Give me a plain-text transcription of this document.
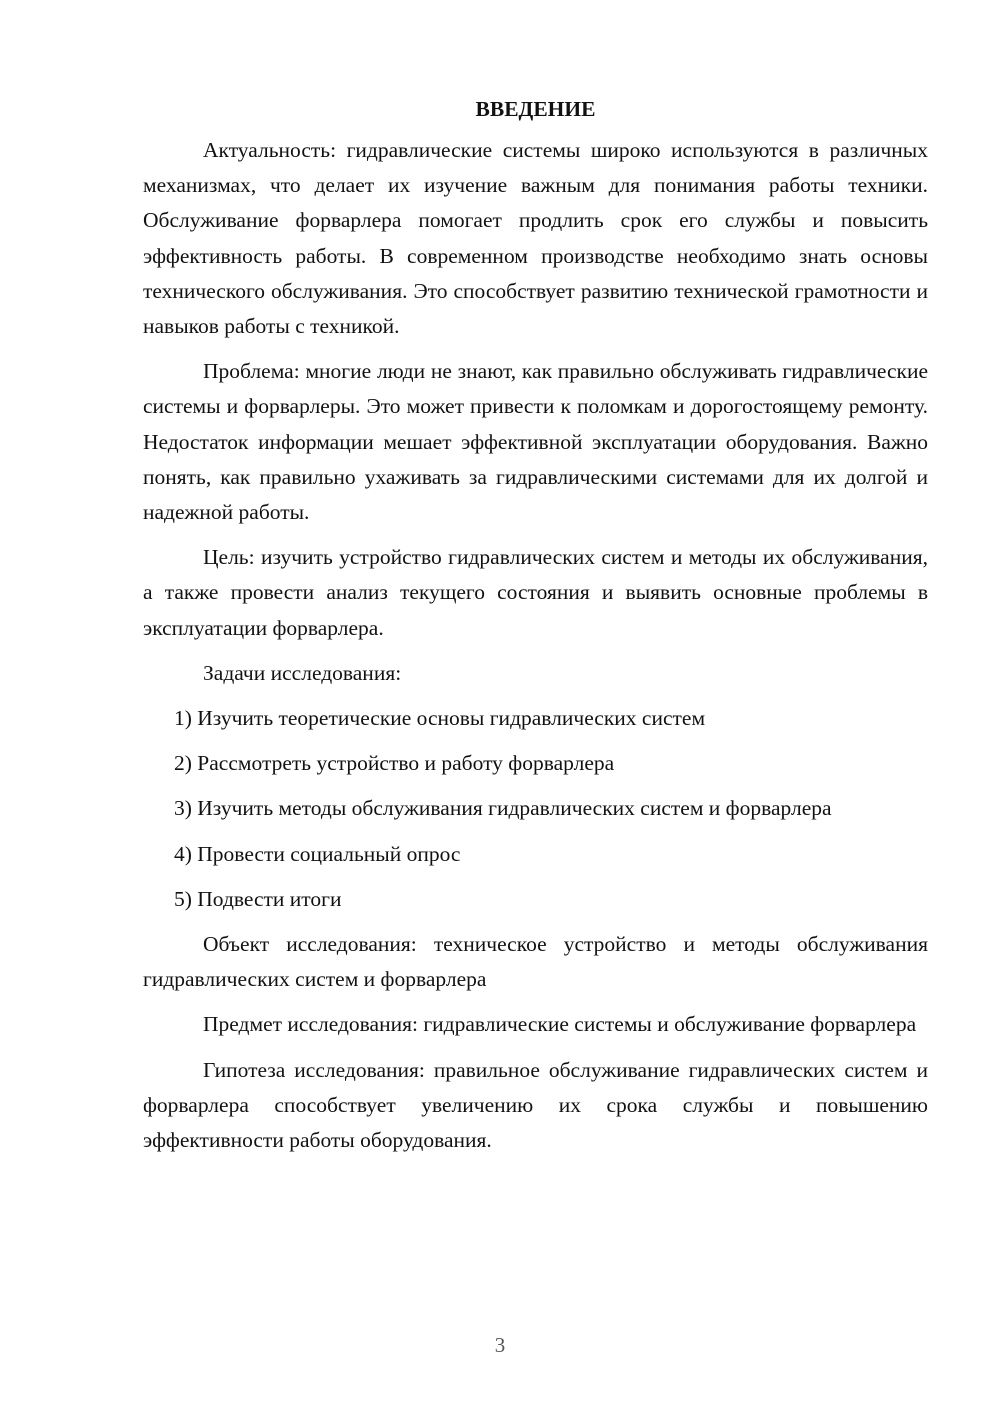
ВВЕДЕНИЕ

Актуальность: гидравлические системы широко используются в различных механизмах, что делает их изучение важным для понимания работы техники. Обслуживание форварлера помогает продлить срок его службы и повысить эффективность работы. В современном производстве необходимо знать основы технического обслуживания. Это способствует развитию технической грамотности и навыков работы с техникой.

Проблема: многие люди не знают, как правильно обслуживать гидравлические системы и форварлеры. Это может привести к поломкам и дорогостоящему ремонту. Недостаток информации мешает эффективной эксплуатации оборудования. Важно понять, как правильно ухаживать за гидравлическими системами для их долгой и надежной работы.

Цель: изучить устройство гидравлических систем и методы их обслуживания, а также провести анализ текущего состояния и выявить основные проблемы в эксплуатации форварлера.

Задачи исследования:

1) Изучить теоретические основы гидравлических систем

2) Рассмотреть устройство и работу форварлера

3) Изучить методы обслуживания гидравлических систем и форварлера

4) Провести социальный опрос

5) Подвести итоги

Объект исследования: техническое устройство и методы обслуживания гидравлических систем и форварлера

Предмет исследования: гидравлические системы и обслуживание форварлера

Гипотеза исследования: правильное обслуживание гидравлических систем и форварлера способствует увеличению их срока службы и повышению эффективности работы оборудования.

3
